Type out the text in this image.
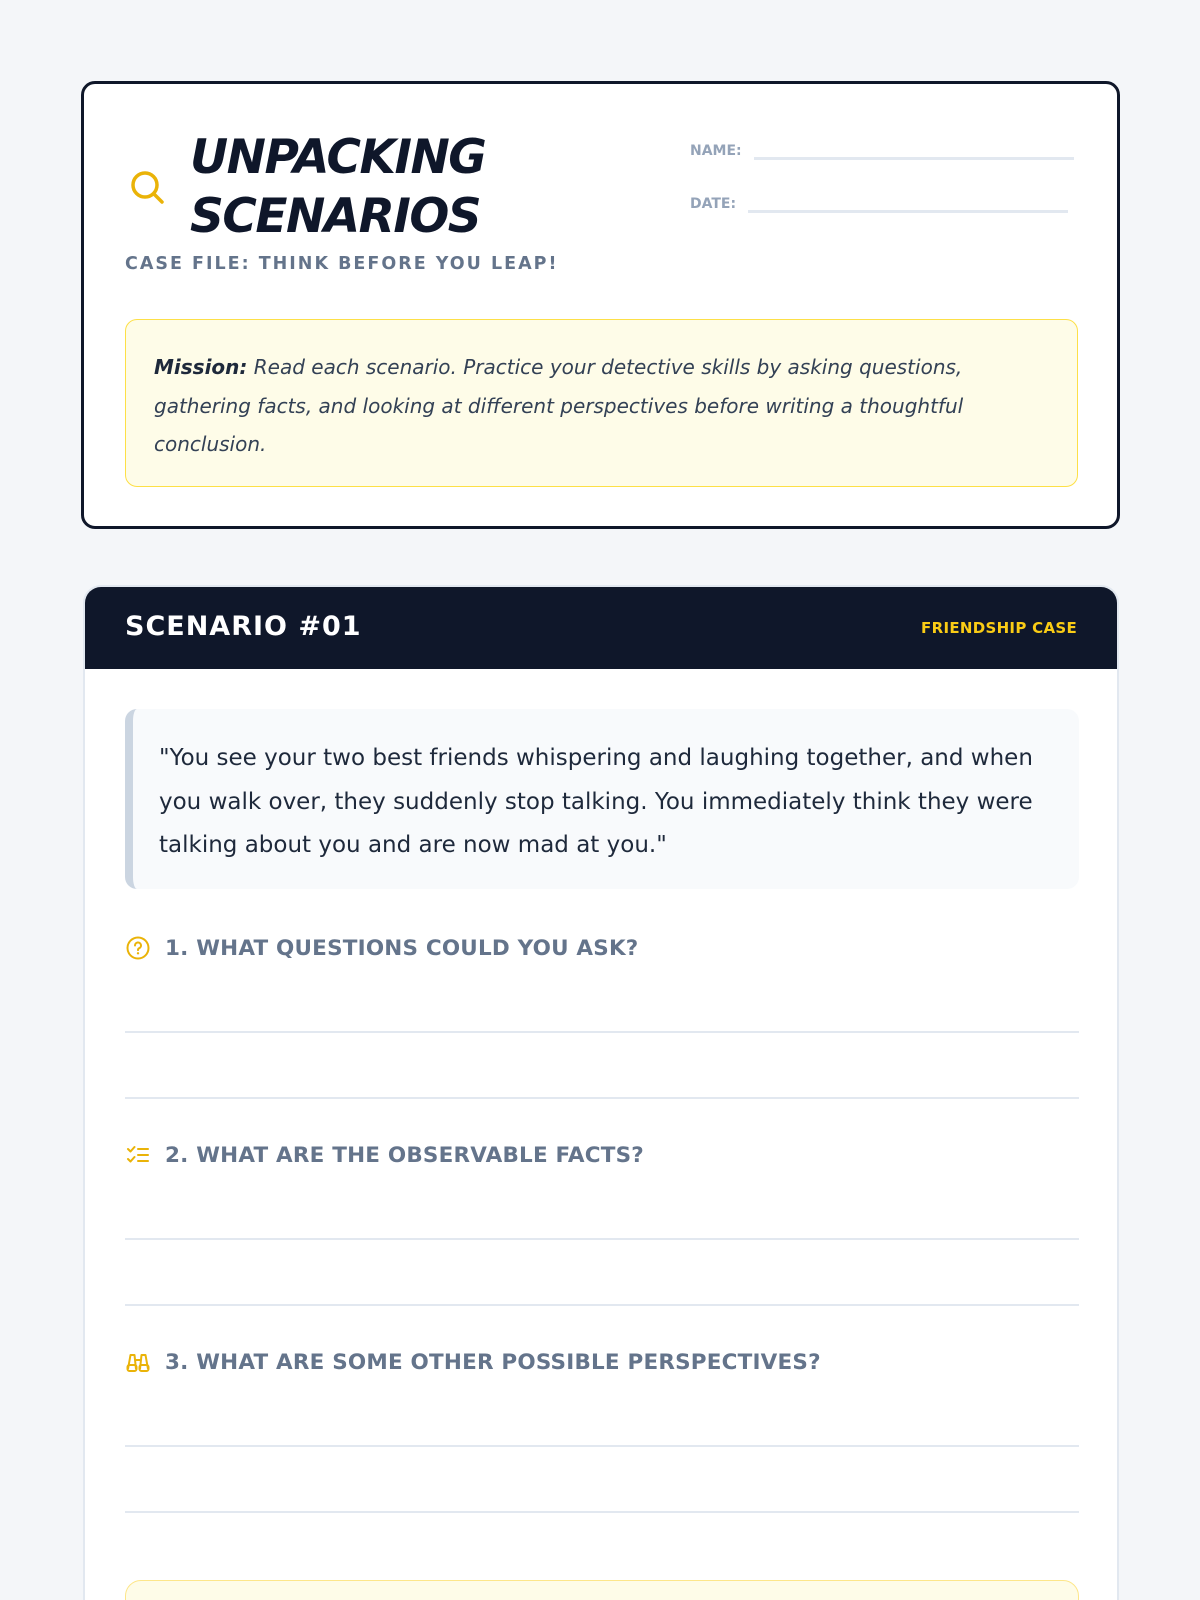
UNPACKING
SCENARIOS
CASE FILE: THINK BEFORE YOU LEAP!
NAME:
DATE:
Mission: Read each scenario. Practice your detective skills by asking questions, gathering facts, and looking at different perspectives before writing a thoughtful conclusion.
SCENARIO #01	FRIENDSHIP CASE
"You see your two best friends whispering and laughing together, and when you walk over, they suddenly stop talking. You immediately think they were talking about you and are now mad at you."
1. WHAT QUESTIONS COULD YOU ASK?
2. WHAT ARE THE OBSERVABLE FACTS?
3. WHAT ARE SOME OTHER POSSIBLE PERSPECTIVES?
